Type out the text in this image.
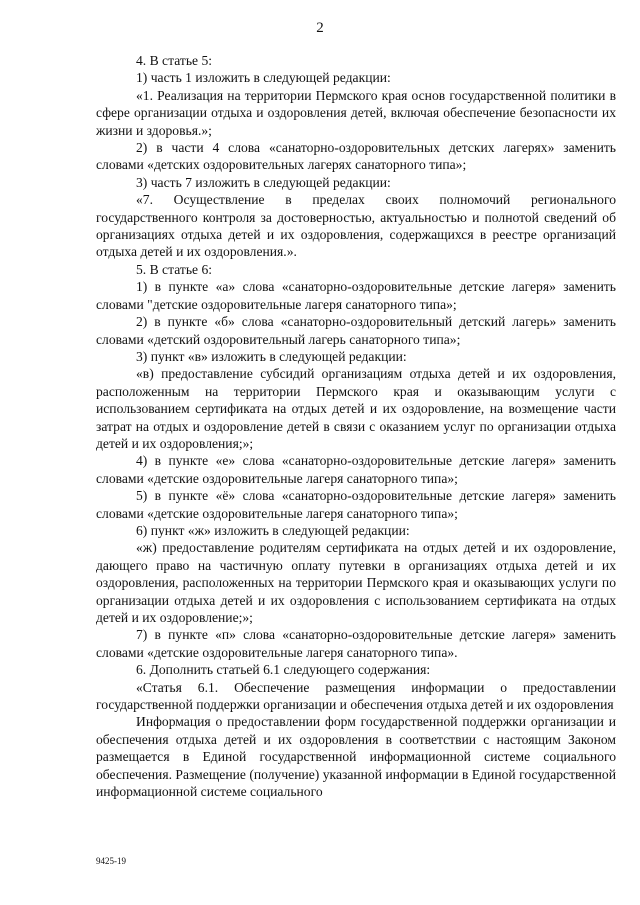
2

4. В статье 5:

1) часть 1 изложить в следующей редакции:

«1. Реализация на территории Пермского края основ государственной политики в сфере организации отдыха и оздоровления детей, включая обеспечение безопасности их жизни и здоровья.»;

2) в части 4 слова «санаторно-оздоровительных детских лагерях» заменить словами «детских оздоровительных лагерях санаторного типа»;

3) часть 7 изложить в следующей редакции:

«7. Осуществление в пределах своих полномочий регионального государственного контроля за достоверностью, актуальностью и полнотой сведений об организациях отдыха детей и их оздоровления, содержащихся в реестре организаций отдыха детей и их оздоровления.».

5. В статье 6:

1) в пункте «а» слова «санаторно-оздоровительные детские лагеря» заменить словами "детские оздоровительные лагеря санаторного типа»;

2) в пункте «б» слова «санаторно-оздоровительный детский лагерь» заменить словами «детский оздоровительный лагерь санаторного типа»;

3) пункт «в» изложить в следующей редакции:

«в) предоставление субсидий организациям отдыха детей и их оздоровления, расположенным на территории Пермского края и оказывающим услуги с использованием сертификата на отдых детей и их оздоровление, на возмещение части затрат на отдых и оздоровление детей в связи с оказанием услуг по организации отдыха детей и их оздоровления;»;

4) в пункте «е» слова «санаторно-оздоровительные детские лагеря» заменить словами «детские оздоровительные лагеря санаторного типа»;

5) в пункте «ё» слова «санаторно-оздоровительные детские лагеря» заменить словами «детские оздоровительные лагеря санаторного типа»;

6) пункт «ж» изложить в следующей редакции:

«ж) предоставление родителям сертификата на отдых детей и их оздоровление, дающего право на частичную оплату путевки в организациях отдыха детей и их оздоровления, расположенных на территории Пермского края и оказывающих услуги по организации отдыха детей и их оздоровления с использованием сертификата на отдых детей и их оздоровление;»;

7) в пункте «п» слова «санаторно-оздоровительные детские лагеря» заменить словами «детские оздоровительные лагеря санаторного типа».

6. Дополнить статьей 6.1 следующего содержания:

«Статья 6.1. Обеспечение размещения информации о предоставлении государственной поддержки организации и обеспечения отдыха детей и их оздоровления

Информация о предоставлении форм государственной поддержки организации и обеспечения отдыха детей и их оздоровления в соответствии с настоящим Законом размещается в Единой государственной информационной системе социального обеспечения. Размещение (получение) указанной информации в Единой государственной информационной системе социального

9425-19
